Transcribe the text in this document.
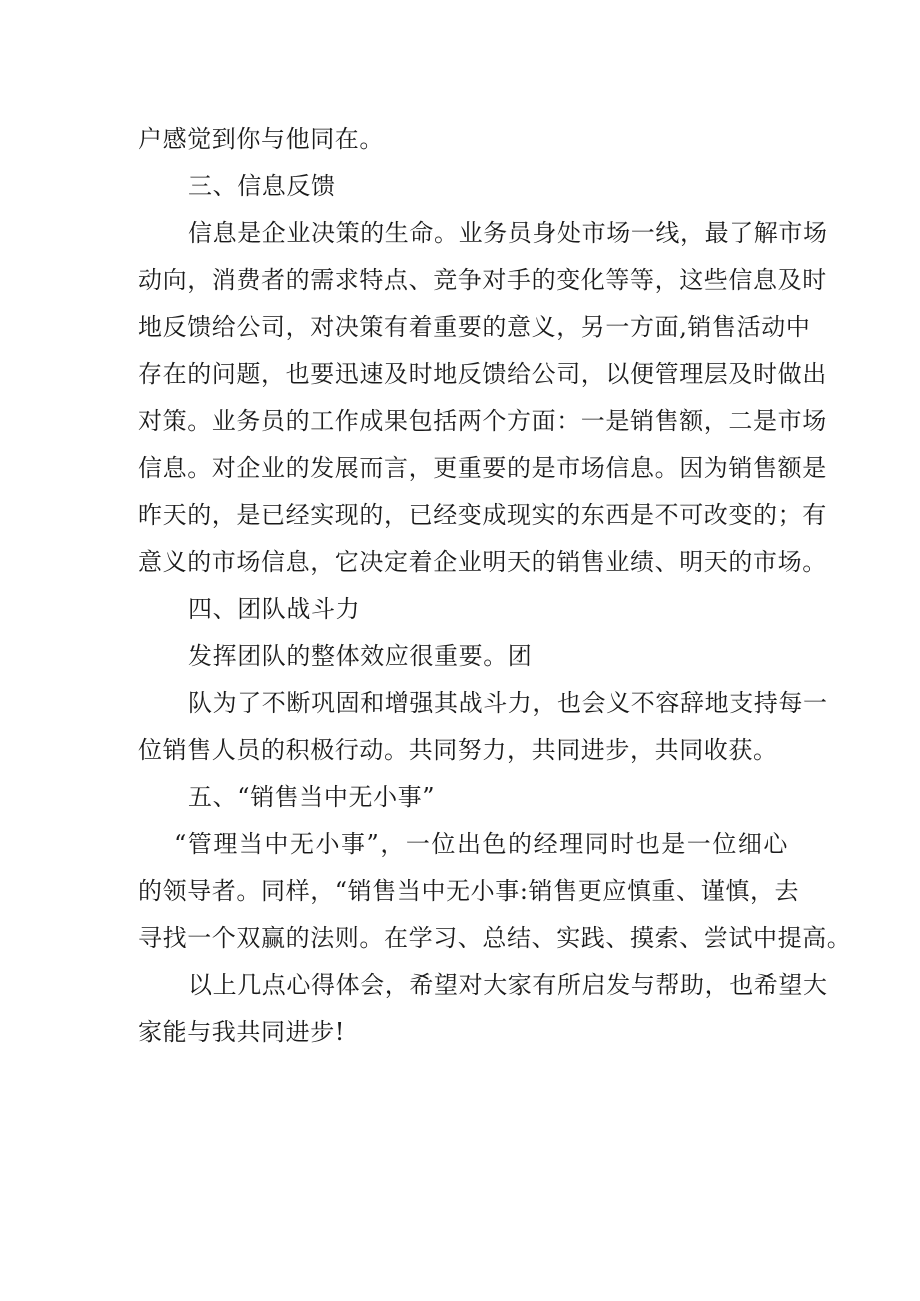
户感觉到你与他同在。
三、信息反馈
信息是企业决策的生命。业务员身处市场一线，最了解市场
动向，消费者的需求特点、竞争对手的变化等等，这些信息及时
地反馈给公司，对决策有着重要的意义，另一方面,销售活动中
存在的问题，也要迅速及时地反馈给公司，以便管理层及时做出
对策。业务员的工作成果包括两个方面：一是销售额，二是市场
信息。对企业的发展而言，更重要的是市场信息。因为销售额是
昨天的，是已经实现的，已经变成现实的东西是不可改变的；有
意义的市场信息，它决定着企业明天的销售业绩、明天的市场。
四、团队战斗力
发挥团队的整体效应很重要。团
队为了不断巩固和增强其战斗力，也会义不容辞地支持每一
位销售人员的积极行动。共同努力，共同进步，共同收获。
五、“销售当中无小事”
“管理当中无小事”，一位出色的经理同时也是一位细心
的领导者。同样，“销售当中无小事:销售更应慎重、谨慎，去
寻找一个双赢的法则。在学习、总结、实践、摸索、尝试中提高。
以上几点心得体会，希望对大家有所启发与帮助，也希望大
家能与我共同进步!
